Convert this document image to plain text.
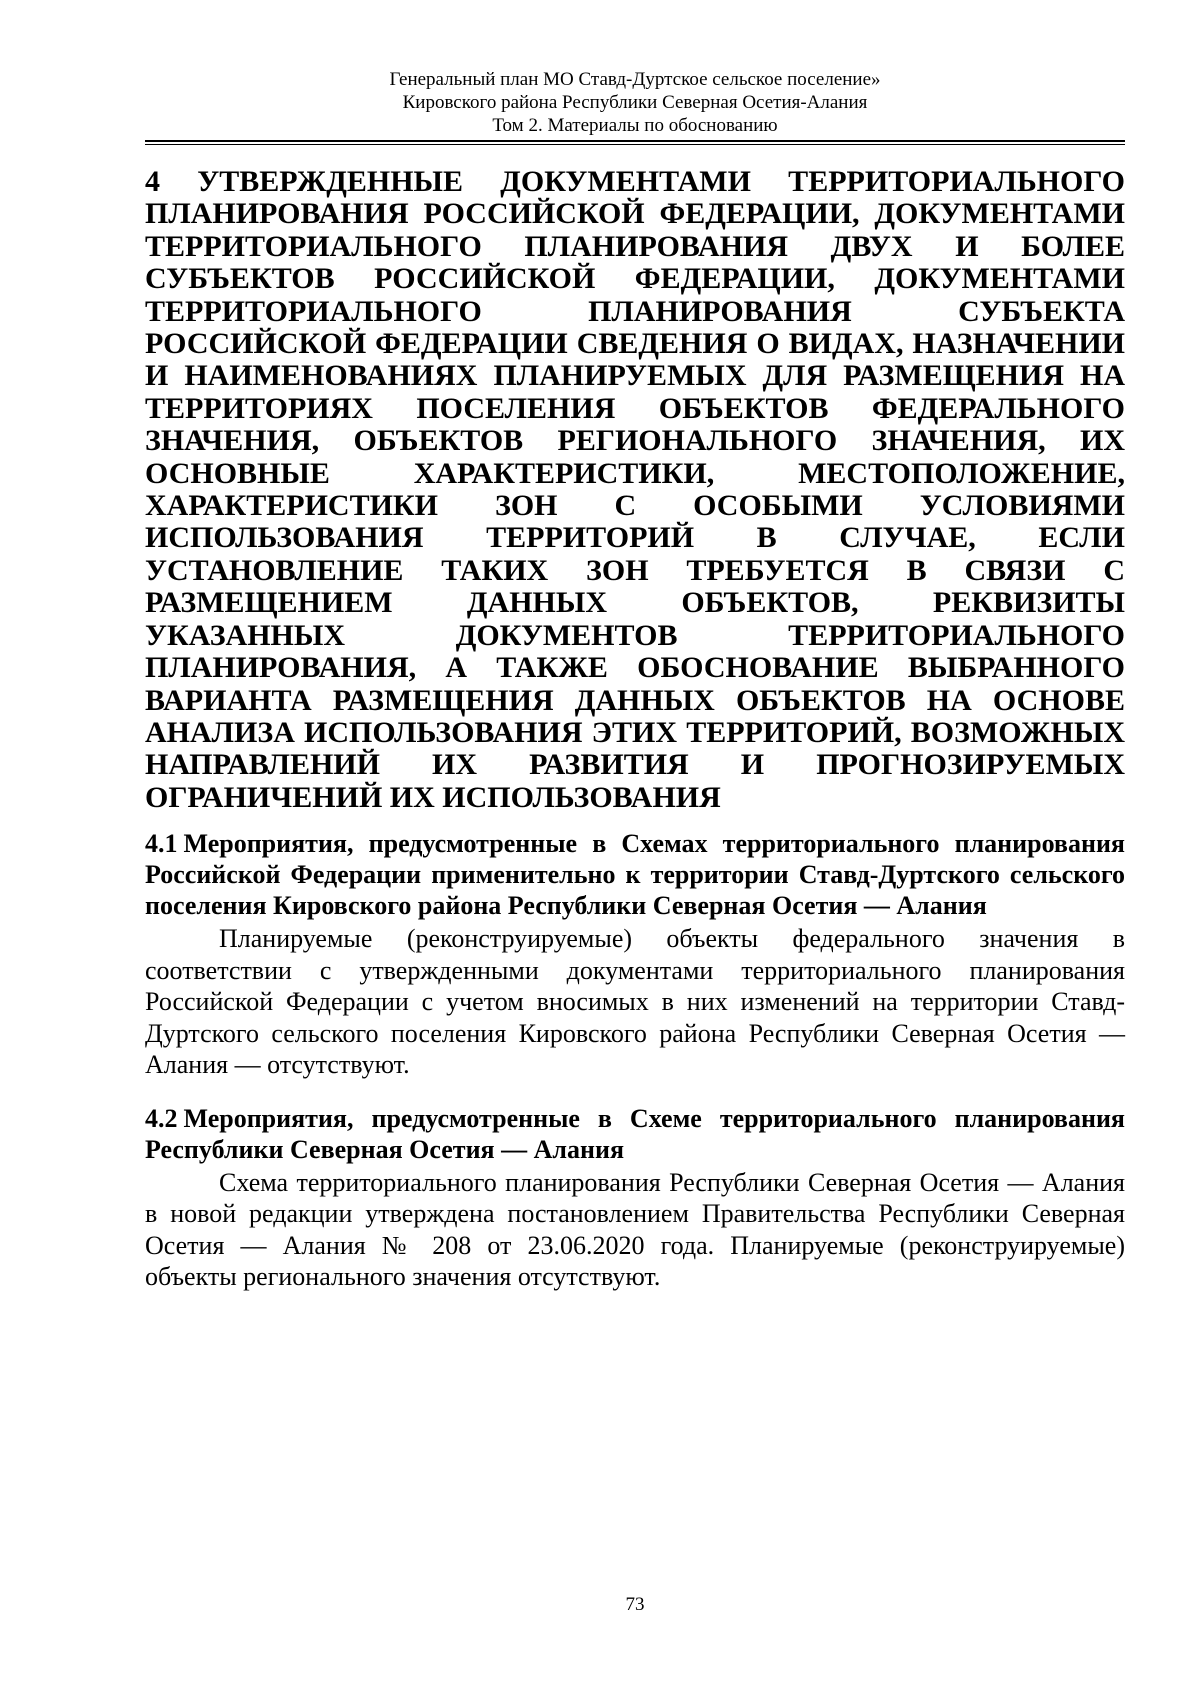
Генеральный план МО Ставд-Дуртское сельское поселение»
Кировского района Республики Северная Осетия-Алания
Том 2. Материалы по обоснованию
4 УТВЕРЖДЕННЫЕ ДОКУМЕНТАМИ ТЕРРИТОРИАЛЬНОГО ПЛАНИРОВАНИЯ РОССИЙСКОЙ ФЕДЕРАЦИИ, ДОКУМЕНТАМИ ТЕРРИТОРИАЛЬНОГО ПЛАНИРОВАНИЯ ДВУХ И БОЛЕЕ СУБЪЕКТОВ РОССИЙСКОЙ ФЕДЕРАЦИИ, ДОКУМЕНТАМИ ТЕРРИТОРИАЛЬНОГО ПЛАНИРОВАНИЯ СУБЪЕКТА РОССИЙСКОЙ ФЕДЕРАЦИИ СВЕДЕНИЯ О ВИДАХ, НАЗНАЧЕНИИ И НАИМЕНОВАНИЯХ ПЛАНИРУЕМЫХ ДЛЯ РАЗМЕЩЕНИЯ НА ТЕРРИТОРИЯХ ПОСЕЛЕНИЯ ОБЪЕКТОВ ФЕДЕРАЛЬНОГО ЗНАЧЕНИЯ, ОБЪЕКТОВ РЕГИОНАЛЬНОГО ЗНАЧЕНИЯ, ИХ ОСНОВНЫЕ ХАРАКТЕРИСТИКИ, МЕСТОПОЛОЖЕНИЕ, ХАРАКТЕРИСТИКИ ЗОН С ОСОБЫМИ УСЛОВИЯМИ ИСПОЛЬЗОВАНИЯ ТЕРРИТОРИЙ В СЛУЧАЕ, ЕСЛИ УСТАНОВЛЕНИЕ ТАКИХ ЗОН ТРЕБУЕТСЯ В СВЯЗИ С РАЗМЕЩЕНИЕМ ДАННЫХ ОБЪЕКТОВ, РЕКВИЗИТЫ УКАЗАННЫХ ДОКУМЕНТОВ ТЕРРИТОРИАЛЬНОГО ПЛАНИРОВАНИЯ, А ТАКЖЕ ОБОСНОВАНИЕ ВЫБРАННОГО ВАРИАНТА РАЗМЕЩЕНИЯ ДАННЫХ ОБЪЕКТОВ НА ОСНОВЕ АНАЛИЗА ИСПОЛЬЗОВАНИЯ ЭТИХ ТЕРРИТОРИЙ, ВОЗМОЖНЫХ НАПРАВЛЕНИЙ ИХ РАЗВИТИЯ И ПРОГНОЗИРУЕМЫХ ОГРАНИЧЕНИЙ ИХ ИСПОЛЬЗОВАНИЯ
4.1 Мероприятия, предусмотренные в Схемах территориального планирования Российской Федерации применительно к территории Ставд-Дуртского сельского поселения Кировского района Республики Северная Осетия — Алания

Планируемые (реконструируемые) объекты федерального значения в соответствии с утвержденными документами территориального планирования Российской Федерации с учетом вносимых в них изменений на территории Ставд-Дуртского сельского поселения Кировского района Республики Северная Осетия — Алания — отсутствуют.

4.2 Мероприятия, предусмотренные в Схеме территориального планирования Республики Северная Осетия — Алания

Схема территориального планирования Республики Северная Осетия — Алания в новой редакции утверждена постановлением Правительства Республики Северная Осетия — Алания № 208 от 23.06.2020 года. Планируемые (реконструируемые) объекты регионального значения отсутствуют.

73
